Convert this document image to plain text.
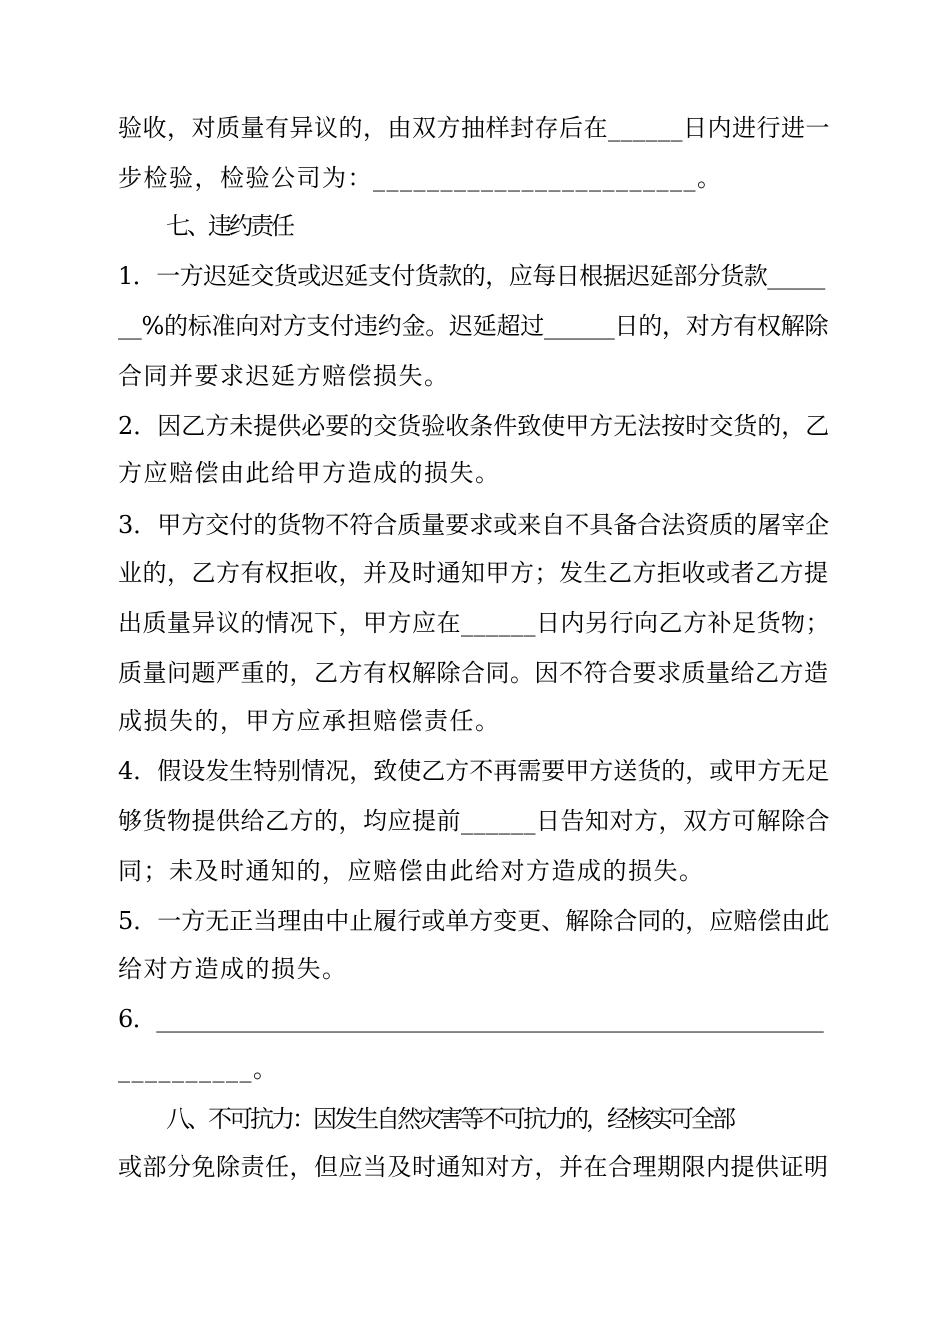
验收，对质量有异议的，由双方抽样封存后在______日内进行进一
步检验，检验公司为：________________________。
七、违约责任
1．一方迟延交货或迟延支付货款的，应每日根据迟延部分货款_____
__%的标准向对方支付违约金。迟延超过______日的，对方有权解除
合同并要求迟延方赔偿损失。
2．因乙方未提供必要的交货验收条件致使甲方无法按时交货的，乙
方应赔偿由此给甲方造成的损失。
3．甲方交付的货物不符合质量要求或来自不具备合法资质的屠宰企
业的，乙方有权拒收，并及时通知甲方；发生乙方拒收或者乙方提
出质量异议的情况下，甲方应在______日内另行向乙方补足货物；
质量问题严重的，乙方有权解除合同。因不符合要求质量给乙方造
成损失的，甲方应承担赔偿责任。
4．假设发生特别情况，致使乙方不再需要甲方送货的，或甲方无足
够货物提供给乙方的，均应提前______日告知对方，双方可解除合
同；未及时通知的，应赔偿由此给对方造成的损失。
5．一方无正当理由中止履行或单方变更、解除合同的，应赔偿由此
给对方造成的损失。
6．__________________________________________________________
__________。
八、不可抗力：因发生自然灾害等不可抗力的，经核实可全部
或部分免除责任，但应当及时通知对方，并在合理期限内提供证明
